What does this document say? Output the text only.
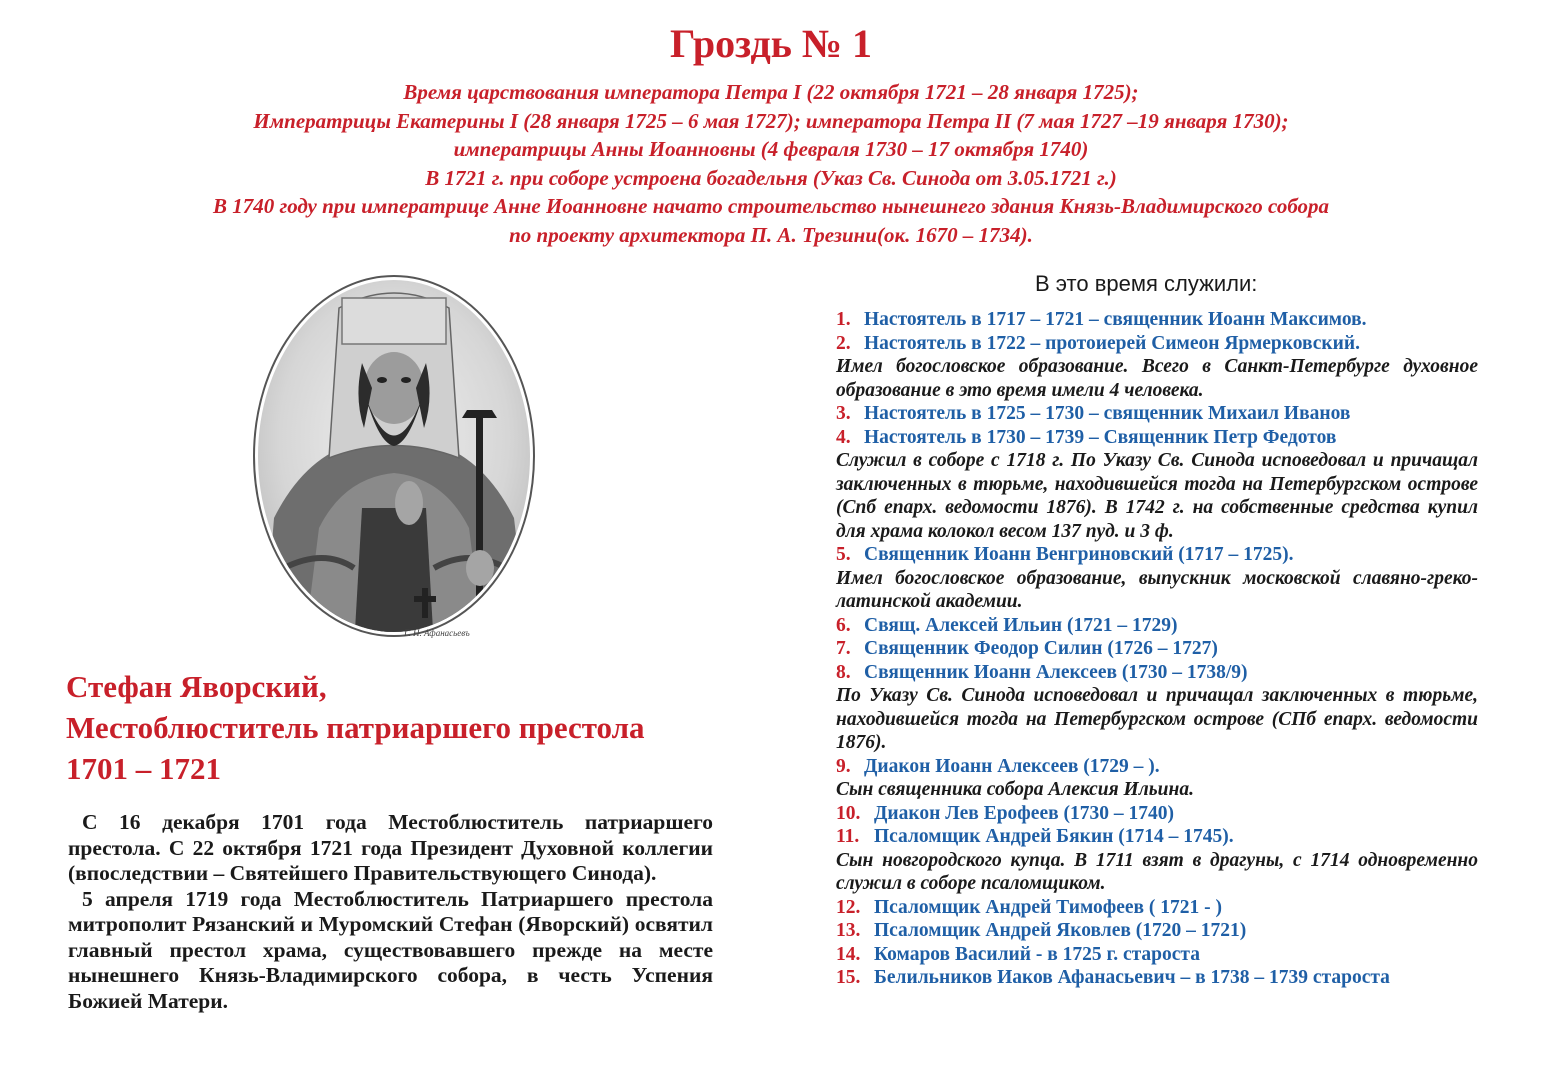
Гроздь № 1
Время царствования императора Петра I (22 октября 1721 – 28 января 1725);
Императрицы Екатерины I (28 января 1725 – 6 мая 1727); императора Петра II (7 мая 1727 –19 января 1730);
императрицы Анны Иоанновны (4 февраля 1730 – 17 октября 1740)
В 1721 г. при соборе устроена богадельня (Указ Св. Синода от 3.05.1721 г.)
В 1740 году при императрице Анне Иоанновне начато строительство нынешнего здания Князь-Владимирского собора
по проекту архитектора П. А. Трезини(ок. 1670 – 1734).
Г. Н. Афанасьевъ
Стефан Яворский,
Местоблюститель патриаршего престола
1701 – 1721

С 16 декабря 1701 года Местоблюститель патриаршего престола. С 22 октября 1721 года Президент Духовной коллегии (впоследствии – Святейшего Правительствующего Синода).

5 апреля 1719 года Местоблюститель Патриаршего престола митрополит Рязанский и Муромский Стефан (Яворский) освятил главный престол храма, существовавшего прежде на месте нынешнего Князь-Владимирского собора, в честь Успения Божией Матери.

В это время служили:
1. Настоятель в 1717 – 1721 – священник Иоанн Максимов.
2. Настоятель в 1722 – протоиерей Симеон Ярмерковский.
Имел богословское образование. Всего в Санкт-Петербурге духовное образование в это время имели 4 человека.
3. Настоятель в 1725 – 1730 – священник Михаил Иванов
4. Настоятель в 1730 – 1739 – Священник Петр Федотов
Служил в соборе с 1718 г. По Указу Св. Синода исповедовал и причащал заключенных в тюрьме, находившейся тогда на Петербургском острове (Спб епарх. ведомости 1876). В 1742 г. на собственные средства купил для храма колокол весом 137 пуд. и 3 ф.
5. Священник Иоанн Венгриновский (1717 – 1725).
Имел богословское образование, выпускник московской славяно-греко-латинской академии.
6. Свящ. Алексей Ильин (1721 – 1729)
7. Священник Феодор Силин (1726 – 1727)
8. Священник Иоанн Алексеев (1730 – 1738/9)
По Указу Св. Синода исповедовал и причащал заключенных в тюрьме, находившейся тогда на Петербургском острове (СПб епарх. ведомости 1876).
9. Диакон Иоанн Алексеев (1729 – ).
Сын священника собора Алексия Ильина.
10. Диакон Лев Ерофеев (1730 – 1740)
11. Псаломщик Андрей Бякин (1714 – 1745).
Сын новгородского купца. В 1711 взят в драгуны, с 1714 одновременно служил в соборе псаломщиком.
12. Псаломщик Андрей Тимофеев ( 1721 - )
13. Псаломщик Андрей Яковлев (1720 – 1721)
14. Комаров Василий - в 1725 г. староста
15. Белильников Иаков Афанасьевич – в 1738 – 1739 староста
